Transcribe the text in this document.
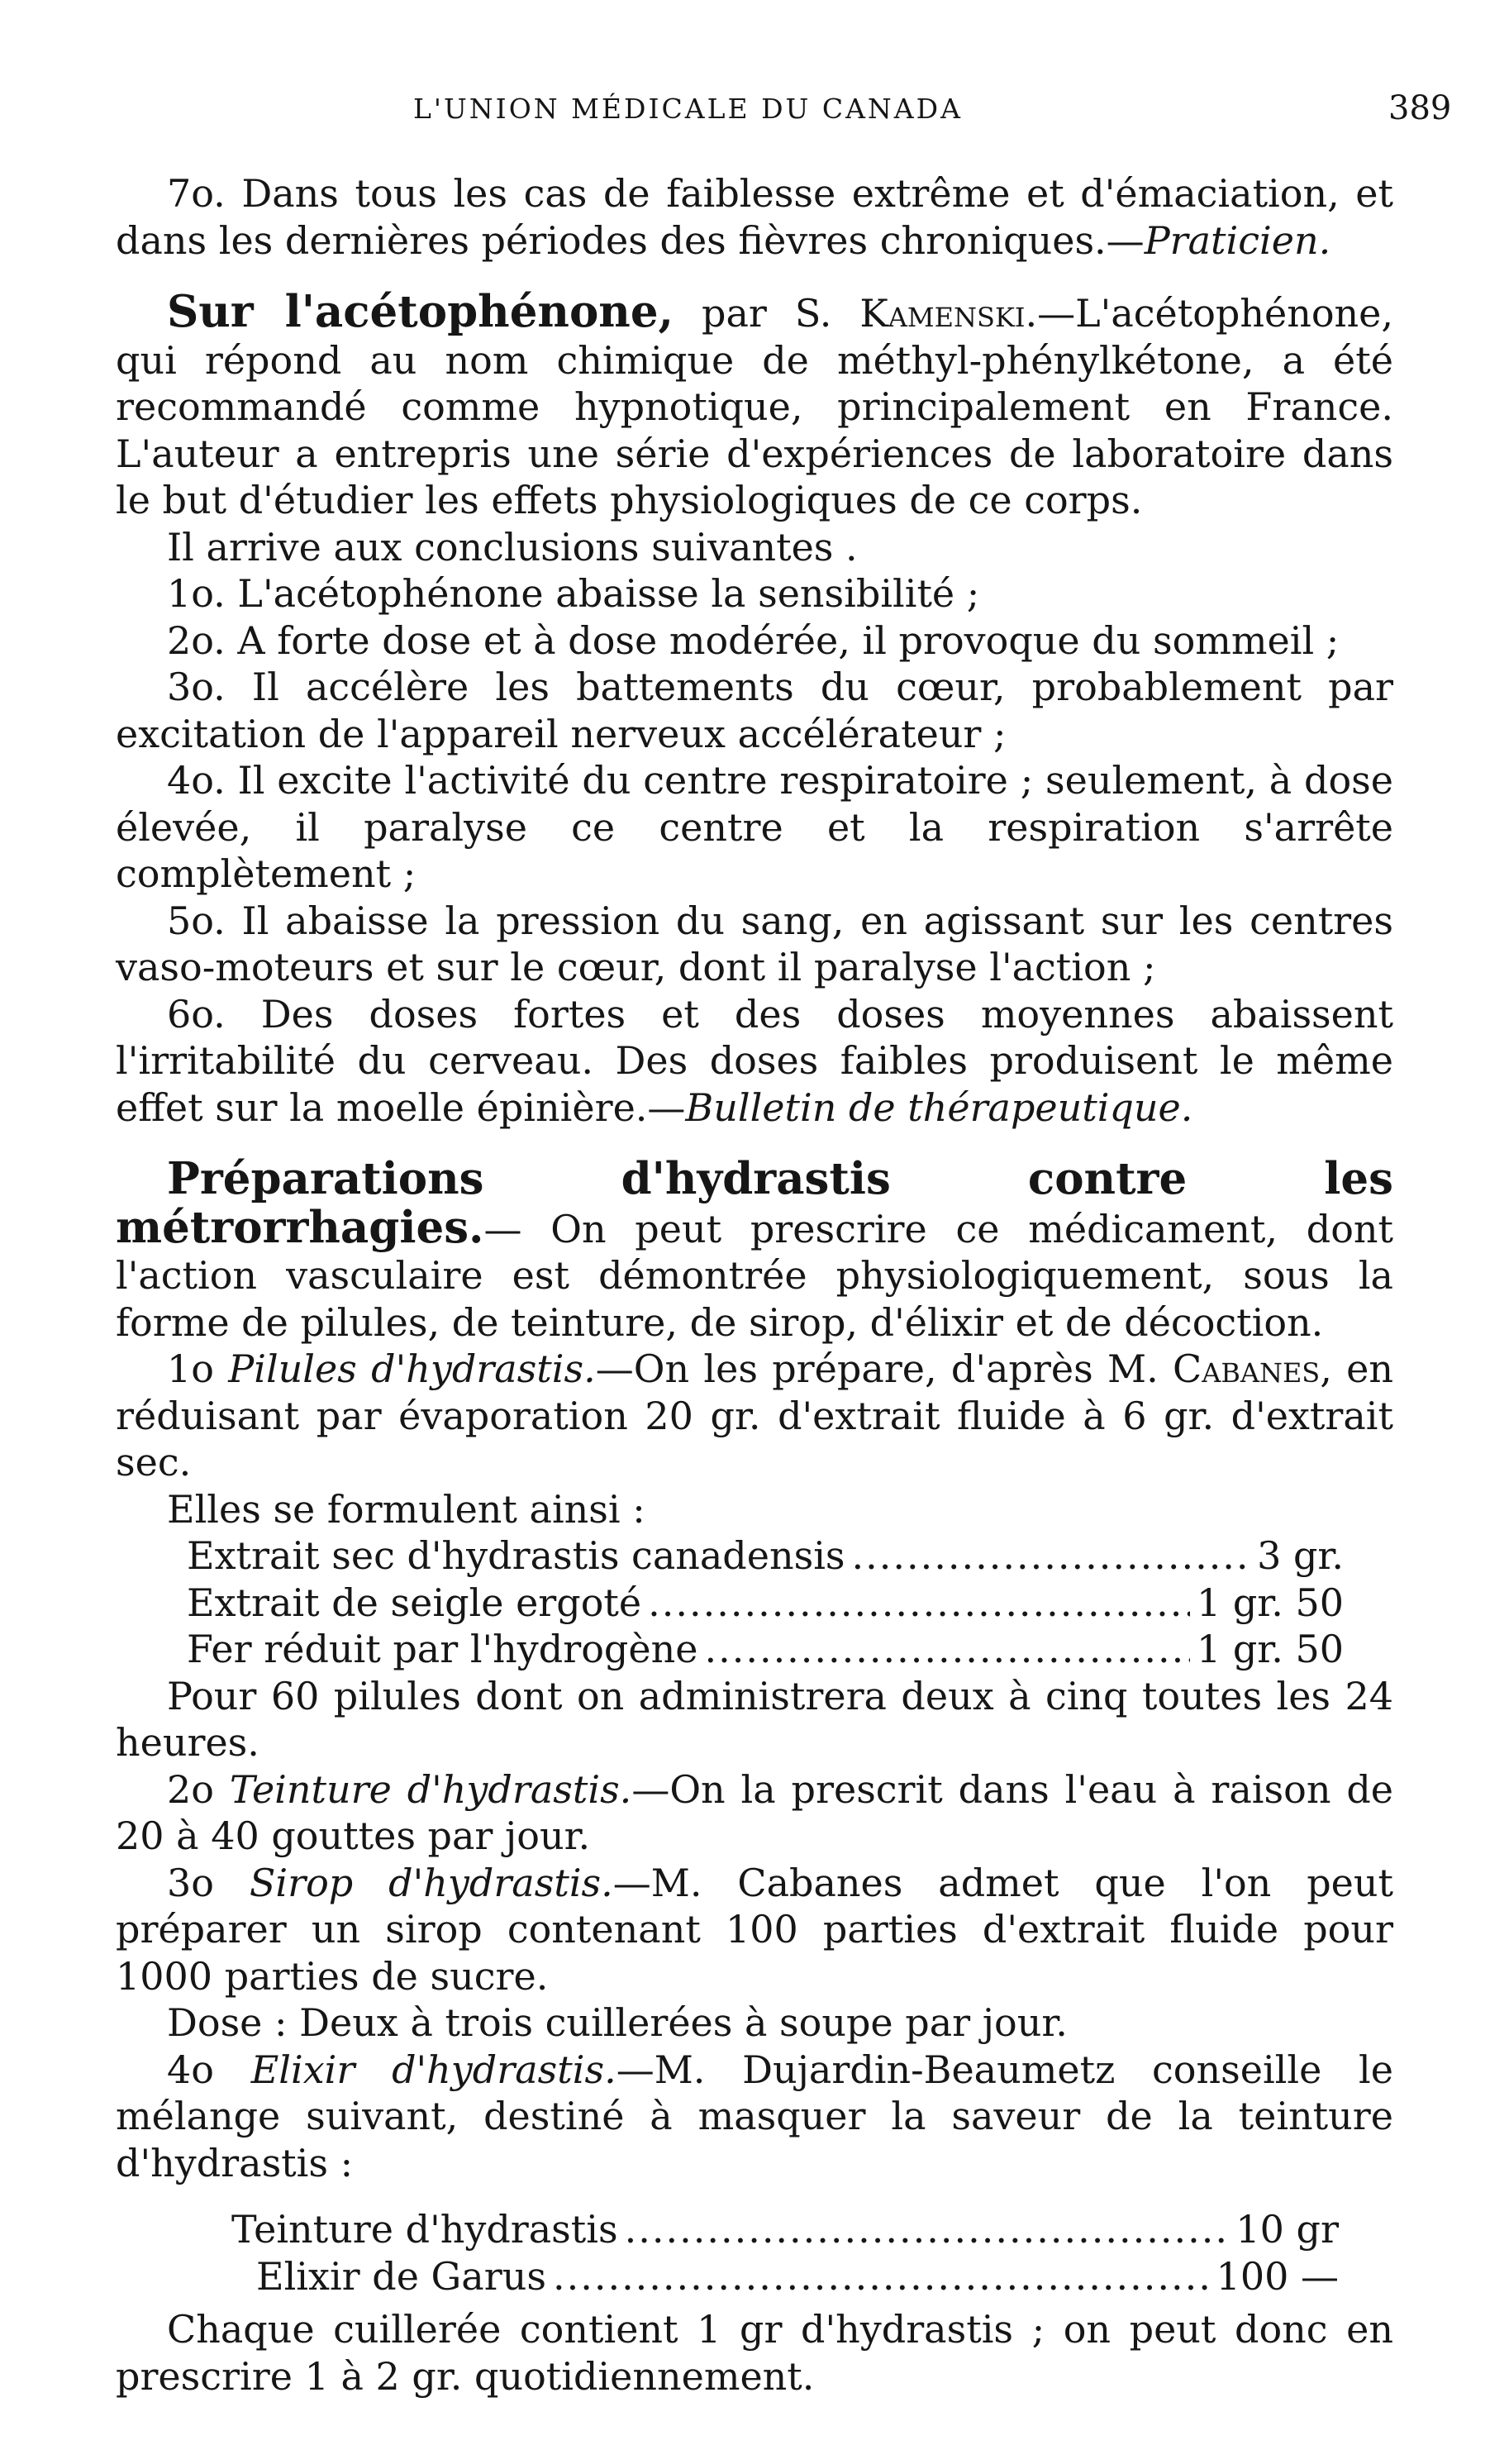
L'UNION MÉDICALE DU CANADA	389

7o. Dans tous les cas de faiblesse extrême et d'émaciation, et dans les dernières périodes des fièvres chroniques.—Praticien.

Sur l'acétophénone, par S. Kamenski.—L'acétophénone, qui répond au nom chimique de méthyl-phénylkétone, a été recommandé comme hypnotique, principalement en France. L'auteur a entrepris une série d'expériences de laboratoire dans le but d'étudier les effets physiologiques de ce corps.

Il arrive aux conclusions suivantes .

1o. L'acétophénone abaisse la sensibilité ;

2o. A forte dose et à dose modérée, il provoque du sommeil ;

3o. Il accélère les battements du cœur, probablement par excitation de l'appareil nerveux accélérateur ;

4o. Il excite l'activité du centre respiratoire ; seulement, à dose élevée, il paralyse ce centre et la respiration s'arrête complètement ;

5o. Il abaisse la pression du sang, en agissant sur les centres vaso-moteurs et sur le cœur, dont il paralyse l'action ;

6o. Des doses fortes et des doses moyennes abaissent l'irritabilité du cerveau. Des doses faibles produisent le même effet sur la moelle épinière.—Bulletin de thérapeutique.

Préparations d'hydrastis contre les métrorrhagies.— On peut prescrire ce médicament, dont l'action vasculaire est démontrée physiologiquement, sous la forme de pilules, de teinture, de sirop, d'élixir et de décoction.

1o Pilules d'hydrastis.—On les prépare, d'après M. Cabanes, en réduisant par évaporation 20 gr. d'extrait fluide à 6 gr. d'extrait sec.

Elles se formulent ainsi :

Extrait sec d'hydrastis canadensis .....	3 gr.
Extrait de seigle ergoté .....	1 gr. 50
Fer réduit par l'hydrogène .....	1 gr. 50

Pour 60 pilules dont on administrera deux à cinq toutes les 24 heures.

2o Teinture d'hydrastis.—On la prescrit dans l'eau à raison de 20 à 40 gouttes par jour.

3o Sirop d'hydrastis.—M. Cabanes admet que l'on peut préparer un sirop contenant 100 parties d'extrait fluide pour 1000 parties de sucre.

Dose : Deux à trois cuillerées à soupe par jour.

4o Elixir d'hydrastis.—M. Dujardin-Beaumetz conseille le mélange suivant, destiné à masquer la saveur de la teinture d'hydrastis :

Teinture d'hydrastis .....	10 gr
Elixir de Garus .....	100 —

Chaque cuillerée contient 1 gr d'hydrastis ; on peut donc en prescrire 1 à 2 gr. quotidiennement.
